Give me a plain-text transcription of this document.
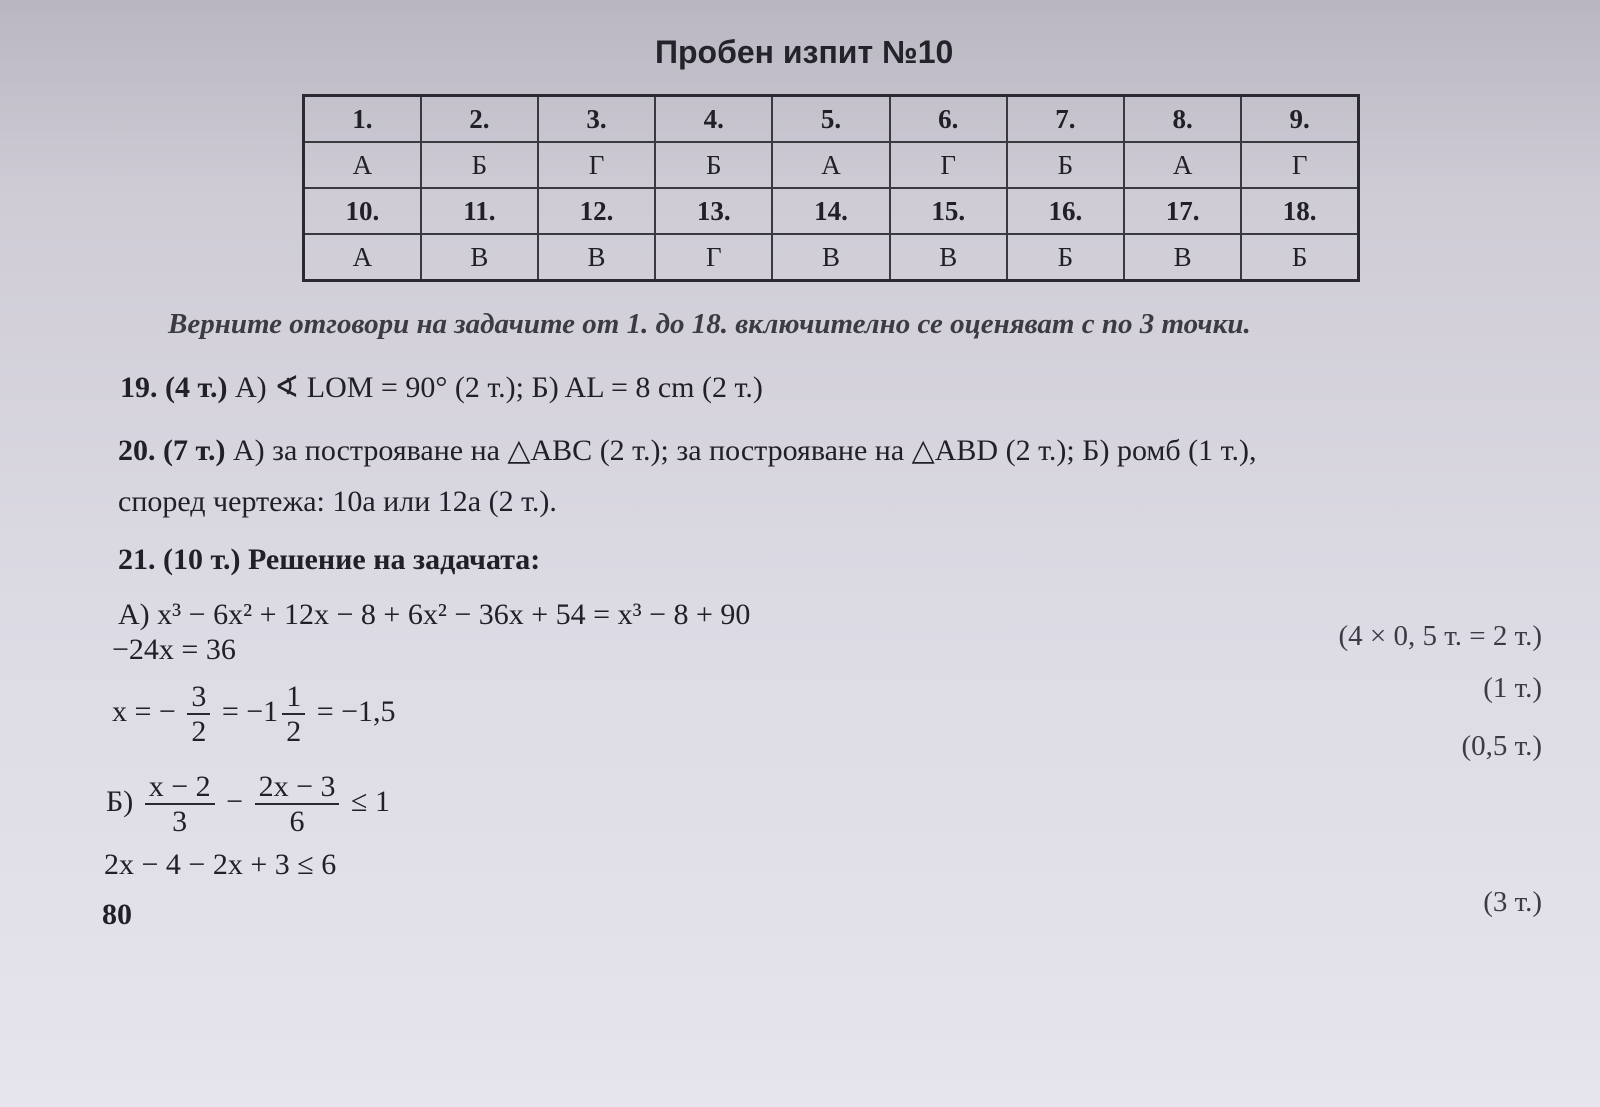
Пробен изпит №10
1.	2.	3.	4.	5.	6.	7.	8.	9.
А	Б	Г	Б	А	Г	Б	А	Г
10.	11.	12.	13.	14.	15.	16.	17.	18.
А	В	В	Г	В	В	Б	В	Б
Верните отговори на задачите от 1. до 18. включително се оценяват с по 3 точки.
19. (4 т.) А) ∢ LOM = 90° (2 т.); Б) AL = 8 cm (2 т.)
20. (7 т.) А) за построяване на △ABC (2 т.); за построяване на △ABD (2 т.); Б) ромб (1 т.),
според чертежа: 10a или 12a (2 т.).
21. (10 т.) Решение на задачата:
А) x³ − 6x² + 12x − 8 + 6x² − 36x + 54 = x³ − 8 + 90
−24x = 36
x = − $\frac{3}{2} = -1 \frac{1}{2} = -1,5$
$Б) \frac{x - 2}{3} - \frac{2x - 3}{6} \le 1$
2x − 4 − 2x + 3 ≤ 6
(4 × 0, 5 т. = 2 т.)
(1 т.)
(0,5 т.)
(3 т.)
80
